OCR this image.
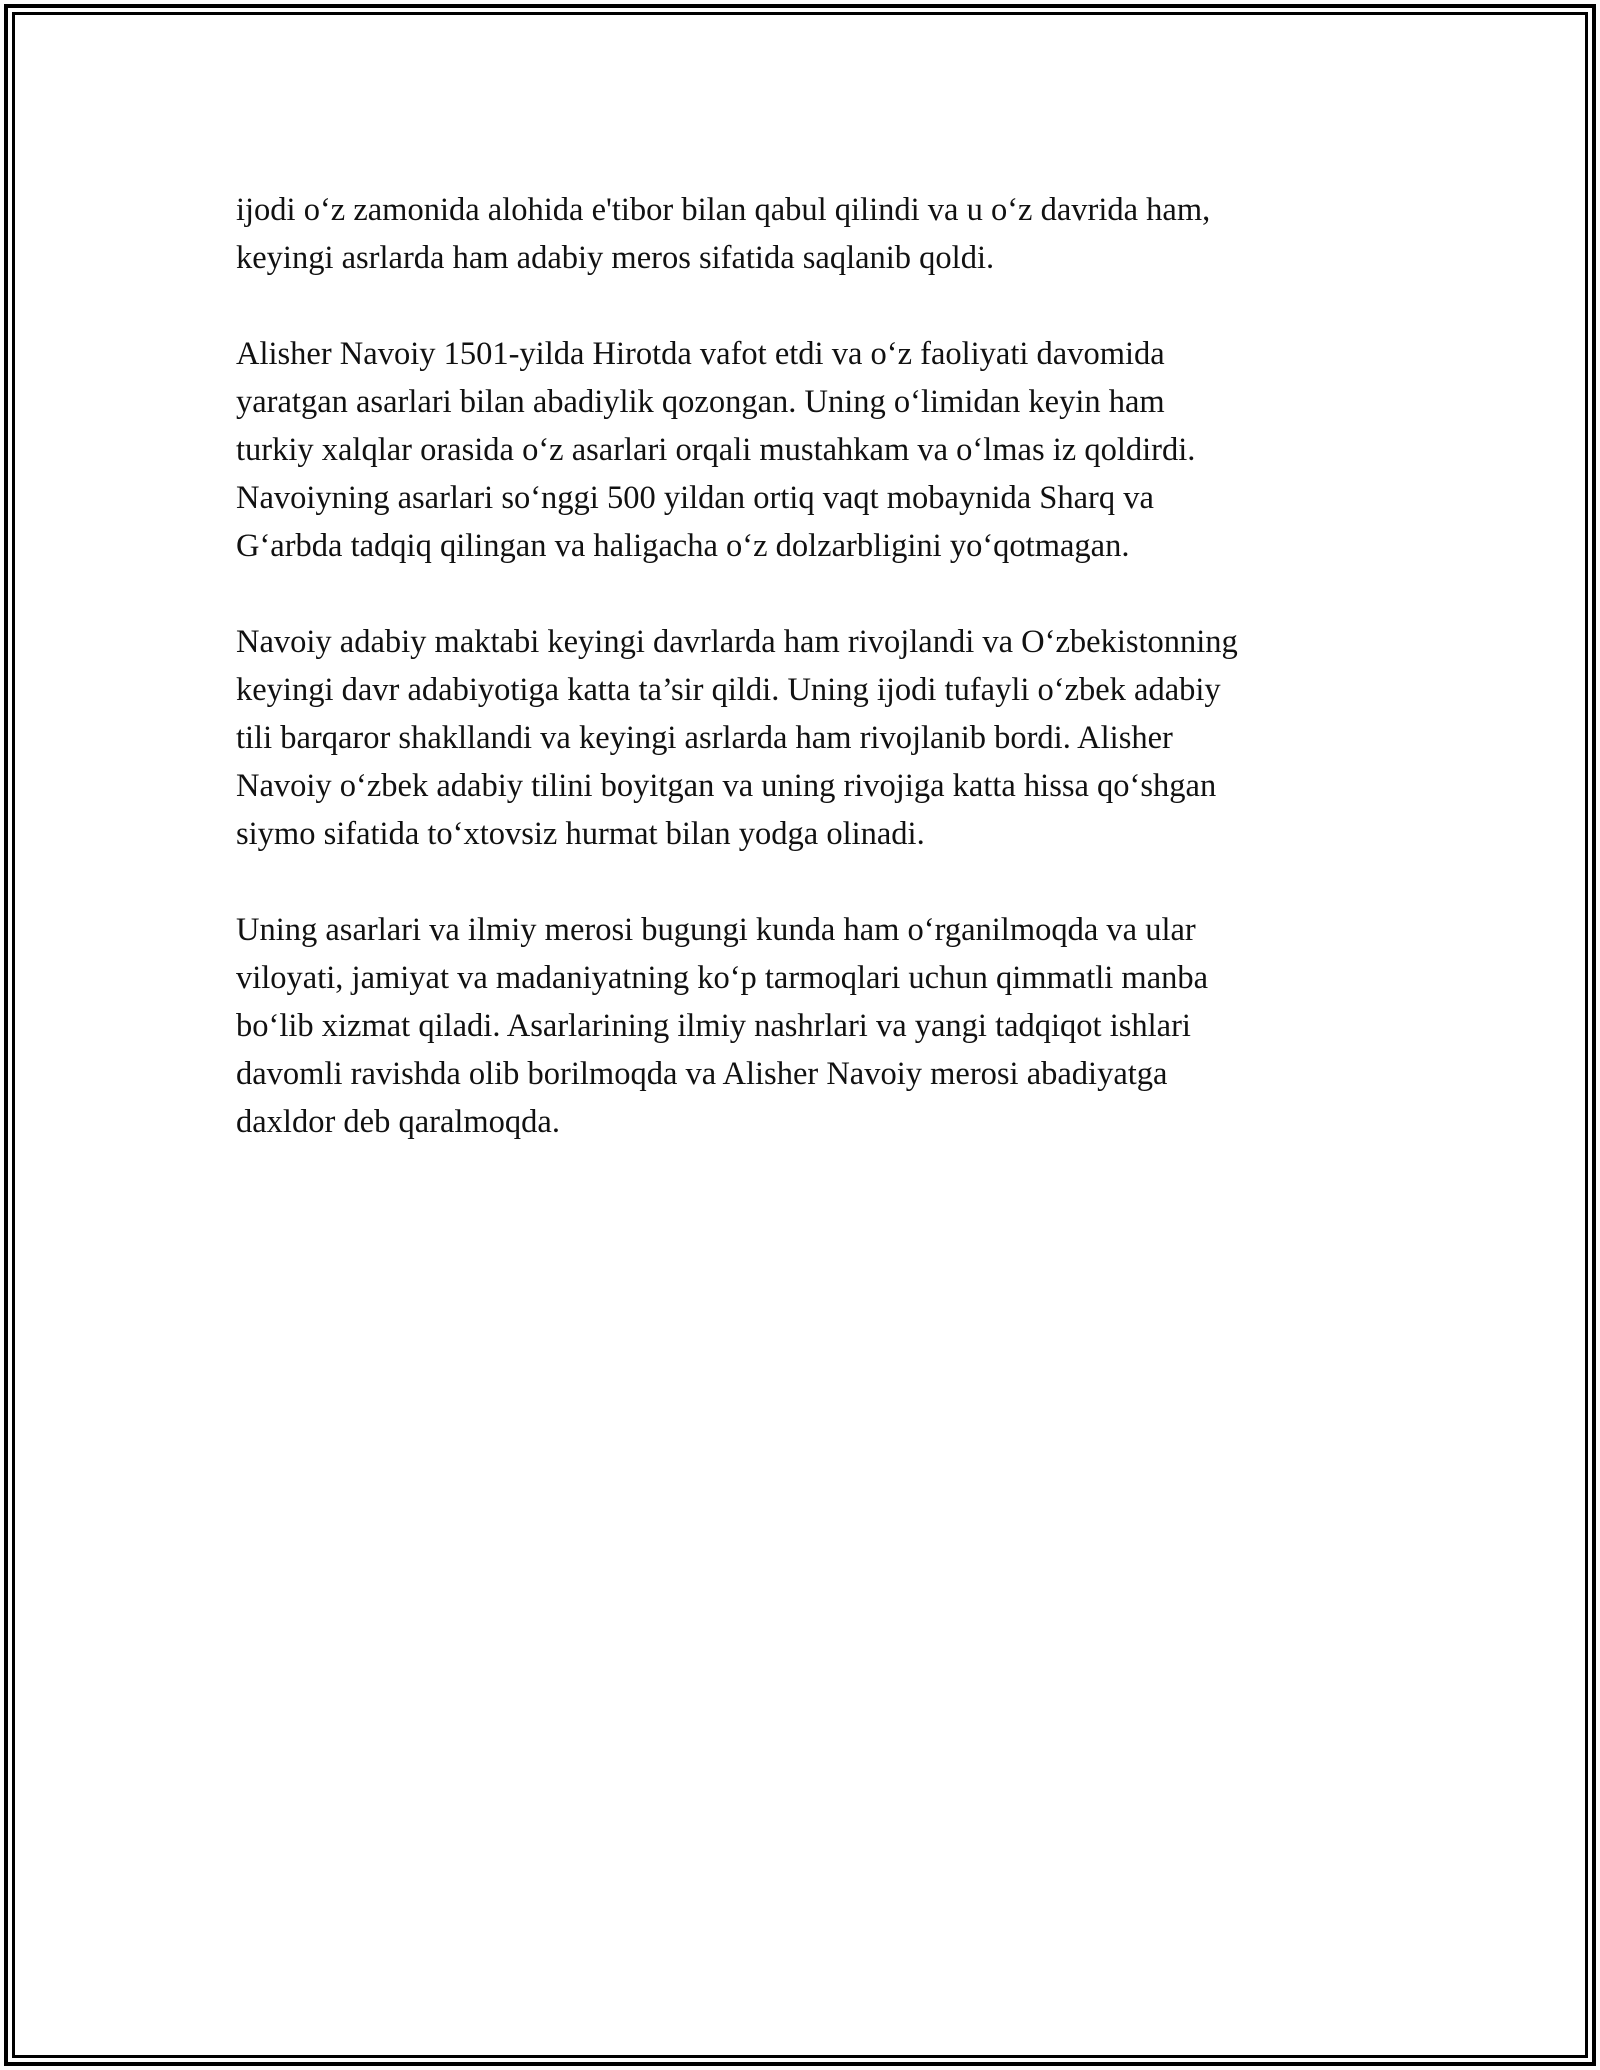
ijodi o‘z zamonida alohida e'tibor bilan qabul qilindi va u o‘z davrida ham,
keyingi asrlarda ham adabiy meros sifatida saqlanib qoldi.

Alisher Navoiy 1501-yilda Hirotda vafot etdi va o‘z faoliyati davomida
yaratgan asarlari bilan abadiylik qozongan. Uning o‘limidan keyin ham
turkiy xalqlar orasida o‘z asarlari orqali mustahkam va o‘lmas iz qoldirdi.
Navoiyning asarlari so‘nggi 500 yildan ortiq vaqt mobaynida Sharq va
G‘arbda tadqiq qilingan va haligacha o‘z dolzarbligini yo‘qotmagan.

Navoiy adabiy maktabi keyingi davrlarda ham rivojlandi va O‘zbekistonning
keyingi davr adabiyotiga katta ta’sir qildi. Uning ijodi tufayli o‘zbek adabiy
tili barqaror shakllandi va keyingi asrlarda ham rivojlanib bordi. Alisher
Navoiy o‘zbek adabiy tilini boyitgan va uning rivojiga katta hissa qo‘shgan
siymo sifatida to‘xtovsiz hurmat bilan yodga olinadi.

Uning asarlari va ilmiy merosi bugungi kunda ham o‘rganilmoqda va ular
viloyati, jamiyat va madaniyatning ko‘p tarmoqlari uchun qimmatli manba
bo‘lib xizmat qiladi. Asarlarining ilmiy nashrlari va yangi tadqiqot ishlari
davomli ravishda olib borilmoqda va Alisher Navoiy merosi abadiyatga
daxldor deb qaralmoqda.
